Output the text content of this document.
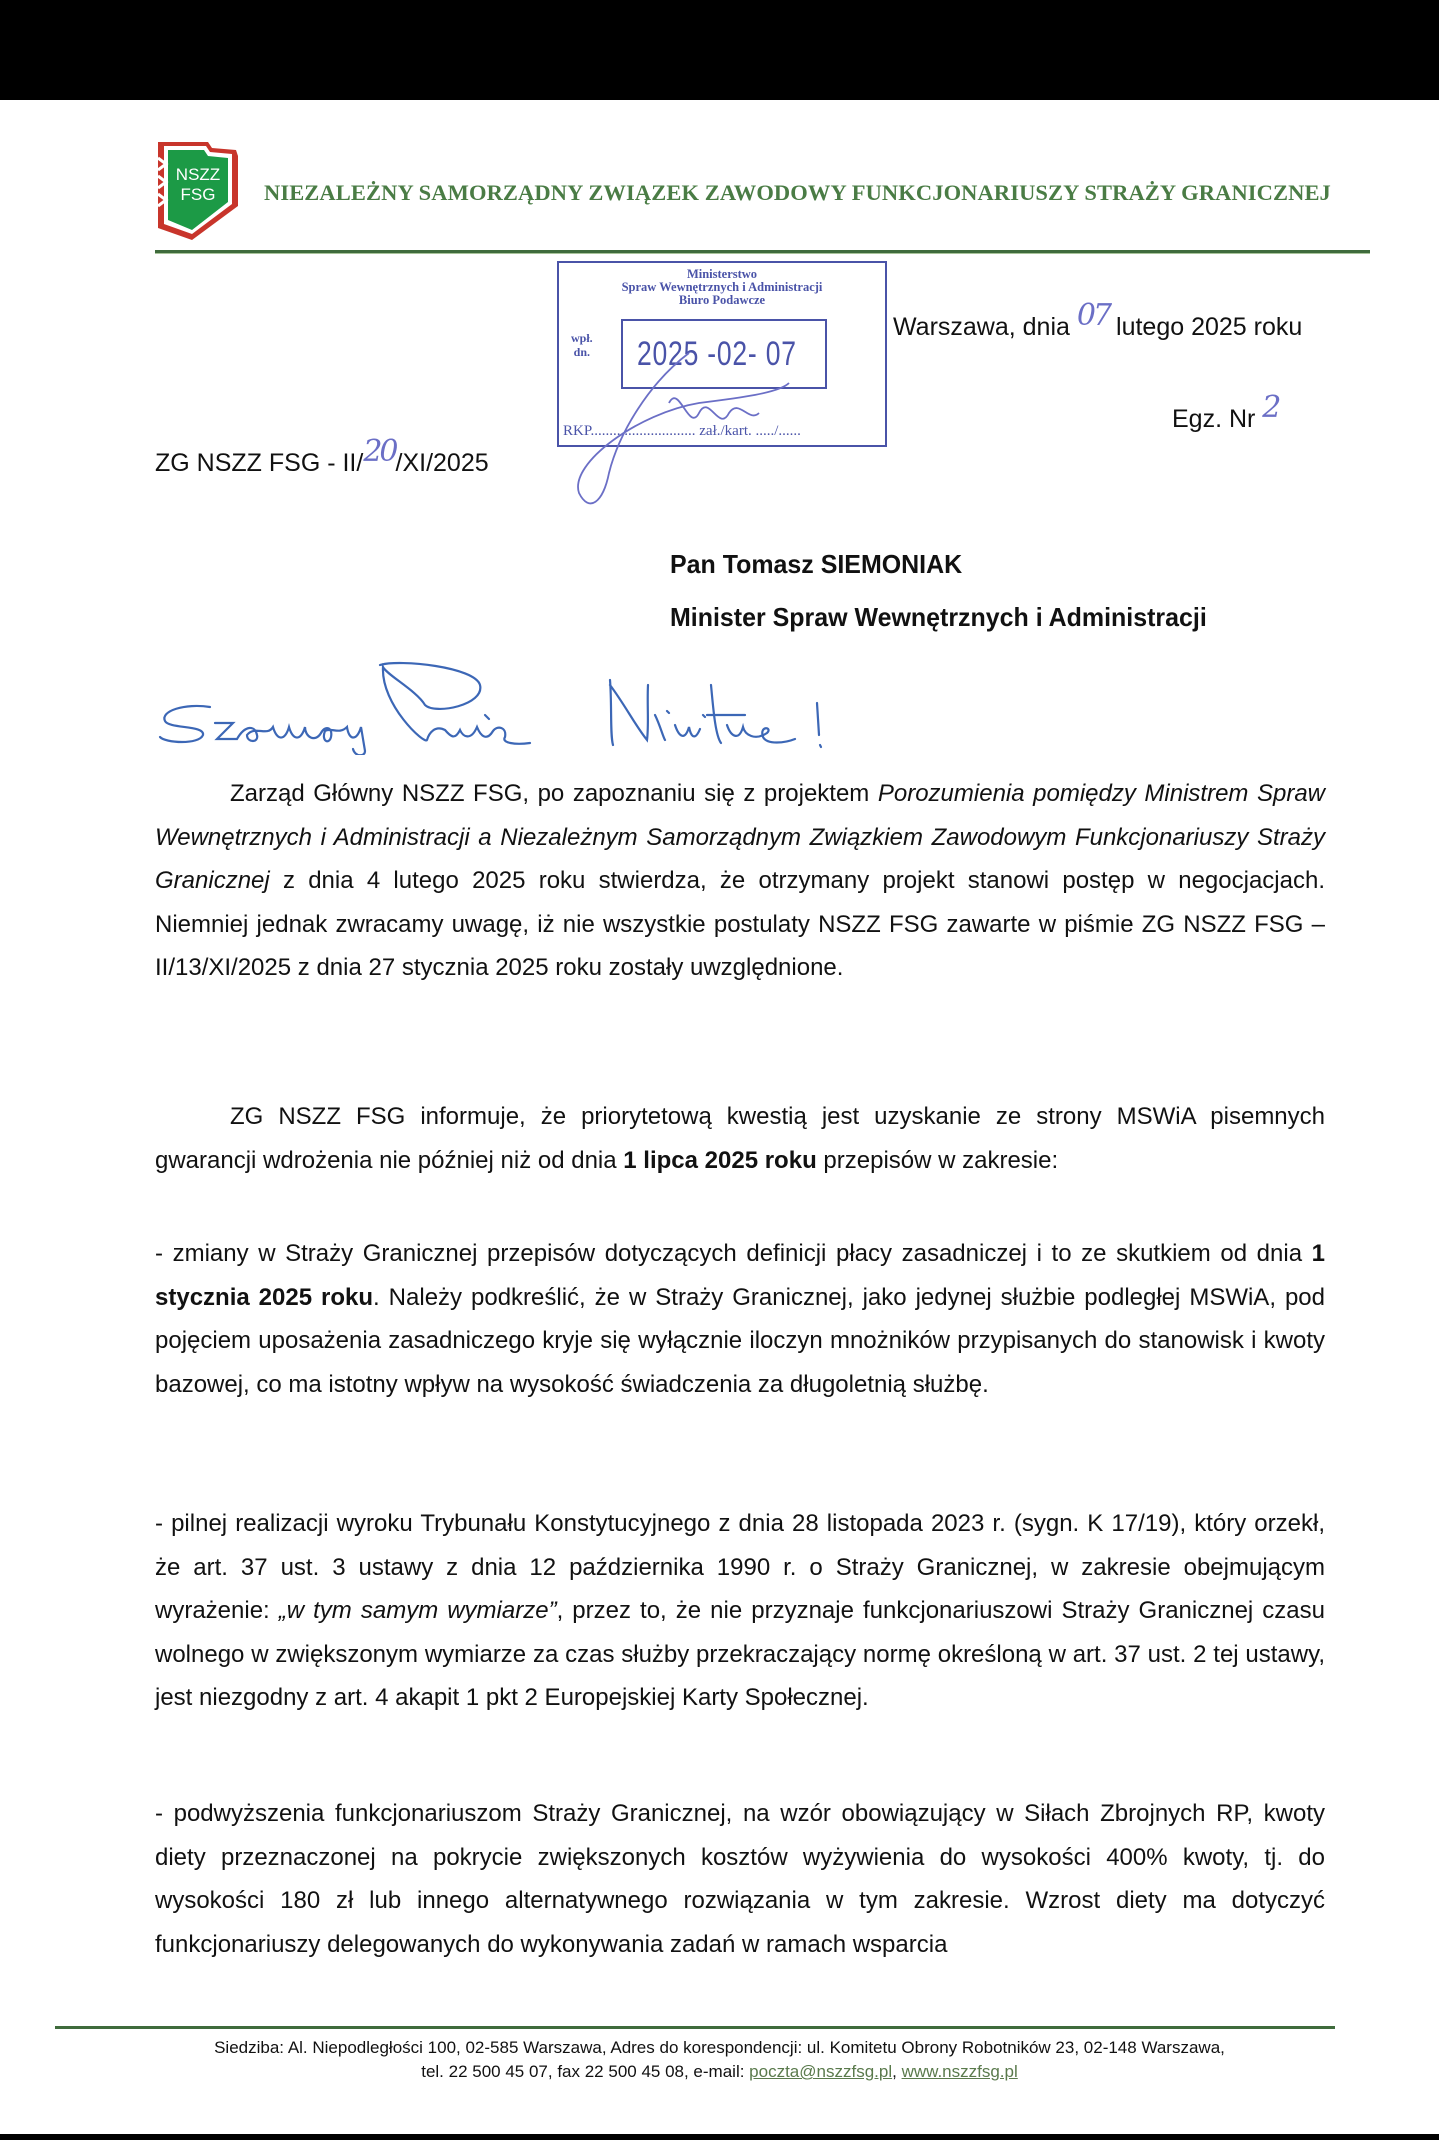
NSZZ
FSG NIEZALEŻNY SAMORZĄDNY ZWIĄZEK ZAWODOWY FUNKCJONARIUSZY STRAŻY GRANICZNEJ
Ministerstwo
Spraw Wewnętrznych i Administracji
Biuro Podawcze
wpł.
dn. 2025 -02- 07
RKP............................ zał./kart. ...../......
Warszawa, dnia 07 lutego 2025 roku
Egz. Nr 2
ZG NSZZ FSG - II/20/XI/2025
Pan Tomasz SIEMONIAK
Minister Spraw Wewnętrznych i Administracji
Zarząd Główny NSZZ FSG, po zapoznaniu się z projektem Porozumienia pomiędzy Ministrem Spraw Wewnętrznych i Administracji a Niezależnym Samorządnym Związkiem Zawodowym Funkcjonariuszy Straży Granicznej z dnia 4 lutego 2025 roku stwierdza, że otrzymany projekt stanowi postęp w negocjacjach. Niemniej jednak zwracamy uwagę, iż nie wszystkie postulaty NSZZ FSG zawarte w piśmie ZG NSZZ FSG – II/13/XI/2025 z dnia 27 stycznia 2025 roku zostały uwzględnione.
ZG NSZZ FSG informuje, że priorytetową kwestią jest uzyskanie ze strony MSWiA pisemnych gwarancji wdrożenia nie później niż od dnia 1 lipca 2025 roku przepisów w zakresie:
- zmiany w Straży Granicznej przepisów dotyczących definicji płacy zasadniczej i to ze skutkiem od dnia 1 stycznia 2025 roku. Należy podkreślić, że w Straży Granicznej, jako jedynej służbie podległej MSWiA, pod pojęciem uposażenia zasadniczego kryje się wyłącznie iloczyn mnożników przypisanych do stanowisk i kwoty bazowej, co ma istotny wpływ na wysokość świadczenia za długoletnią służbę.
- pilnej realizacji wyroku Trybunału Konstytucyjnego z dnia 28 listopada 2023 r. (sygn. K 17/19), który orzekł, że art. 37 ust. 3 ustawy z dnia 12 października 1990 r. o Straży Granicznej, w zakresie obejmującym wyrażenie: „w tym samym wymiarze”, przez to, że nie przyznaje funkcjonariuszowi Straży Granicznej czasu wolnego w zwiększonym wymiarze za czas służby przekraczający normę określoną w art. 37 ust. 2 tej ustawy, jest niezgodny z art. 4 akapit 1 pkt 2 Europejskiej Karty Społecznej.
- podwyższenia funkcjonariuszom Straży Granicznej, na wzór obowiązujący w Siłach Zbrojnych RP, kwoty diety przeznaczonej na pokrycie zwiększonych kosztów wyżywienia do wysokości 400% kwoty, tj. do wysokości 180 zł lub innego alternatywnego rozwiązania w tym zakresie. Wzrost diety ma dotyczyć funkcjonariuszy delegowanych do wykonywania zadań w ramach wsparcia
Siedziba: Al. Niepodległości 100, 02-585 Warszawa, Adres do korespondencji: ul. Komitetu Obrony Robotników 23, 02-148 Warszawa,
tel. 22 500 45 07, fax 22 500 45 08, e-mail: poczta@nszzfsg.pl, www.nszzfsg.pl
